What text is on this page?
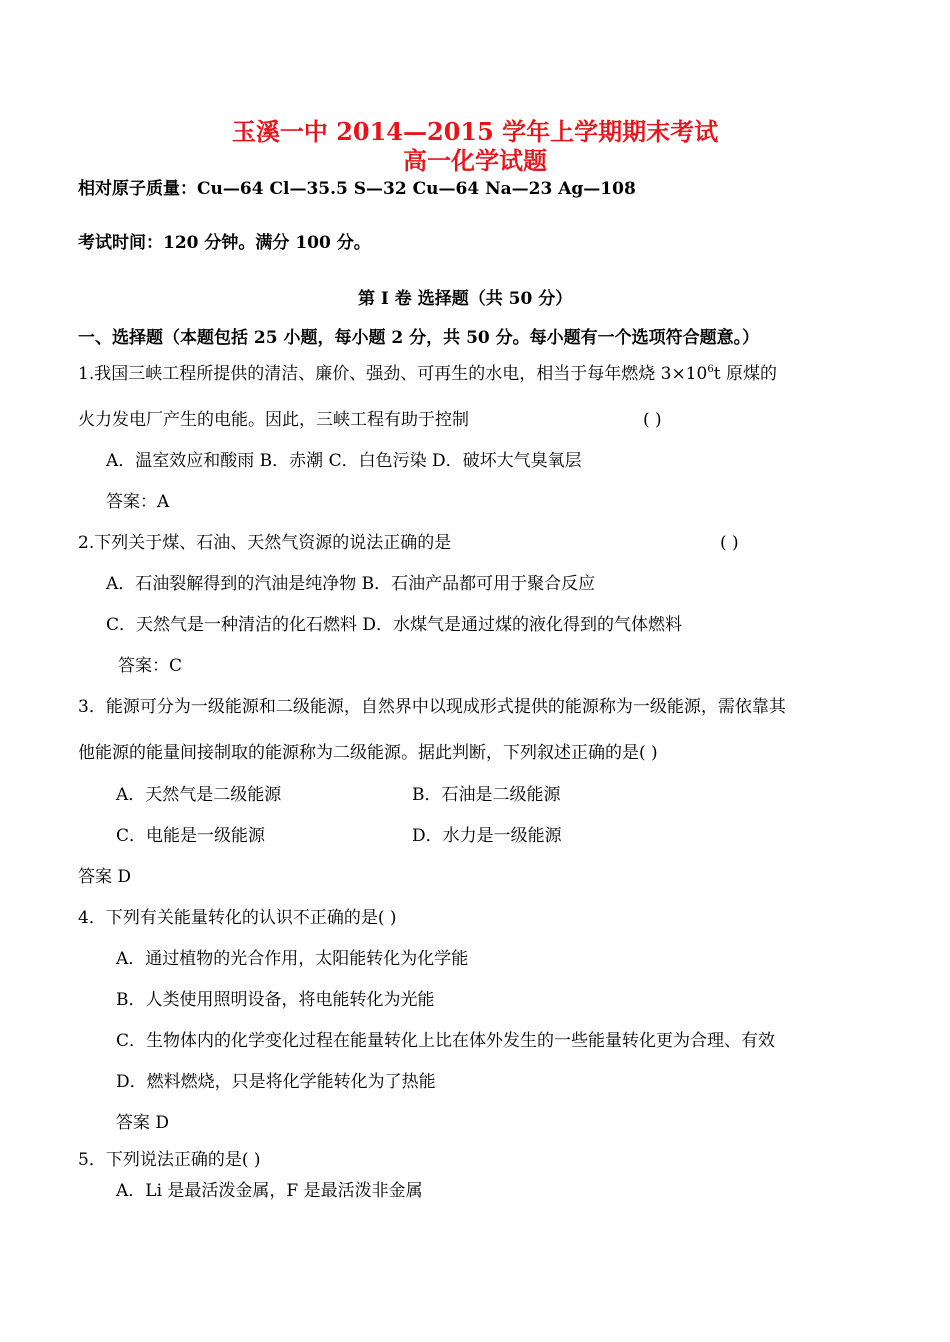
玉溪一中 2014—2015 学年上学期期末考试
高一化学试题
相对原子质量：Cu—64 Cl—35.5 S—32 Cu—64 Na—23 Ag—108
考试时间：120 分钟。满分 100 分。
第 I 卷 选择题（共 50 分）
一、选择题（本题包括 25 小题，每小题 2 分，共 50 分。每小题有一个选项符合题意。）
1.我国三峡工程所提供的清洁、廉价、强劲、可再生的水电，相当于每年燃烧 $3\times 10^6t$ 原煤的
火力发电厂产生的电能。因此，三峡工程有助于控制	( )
A．温室效应和酸雨 B．赤潮 C．白色污染 D．破坏大气臭氧层
答案：A
2.下列关于煤、石油、天然气资源的说法正确的是	( )
A．石油裂解得到的汽油是纯净物 B．石油产品都可用于聚合反应
C．天然气是一种清洁的化石燃料 D．水煤气是通过煤的液化得到的气体燃料
答案：C
3．能源可分为一级能源和二级能源，自然界中以现成形式提供的能源称为一级能源，需依靠其
他能源的能量间接制取的能源称为二级能源。据此判断，下列叙述正确的是( )
A．天然气是二级能源	B．石油是二级能源
C．电能是一级能源	D．水力是一级能源
答案 D
4．下列有关能量转化的认识不正确的是( )
A．通过植物的光合作用，太阳能转化为化学能
B．人类使用照明设备，将电能转化为光能
C．生物体内的化学变化过程在能量转化上比在体外发生的一些能量转化更为合理、有效
D．燃料燃烧，只是将化学能转化为了热能
答案 D
5．下列说法正确的是( )
A．Li 是最活泼金属，F 是最活泼非金属
